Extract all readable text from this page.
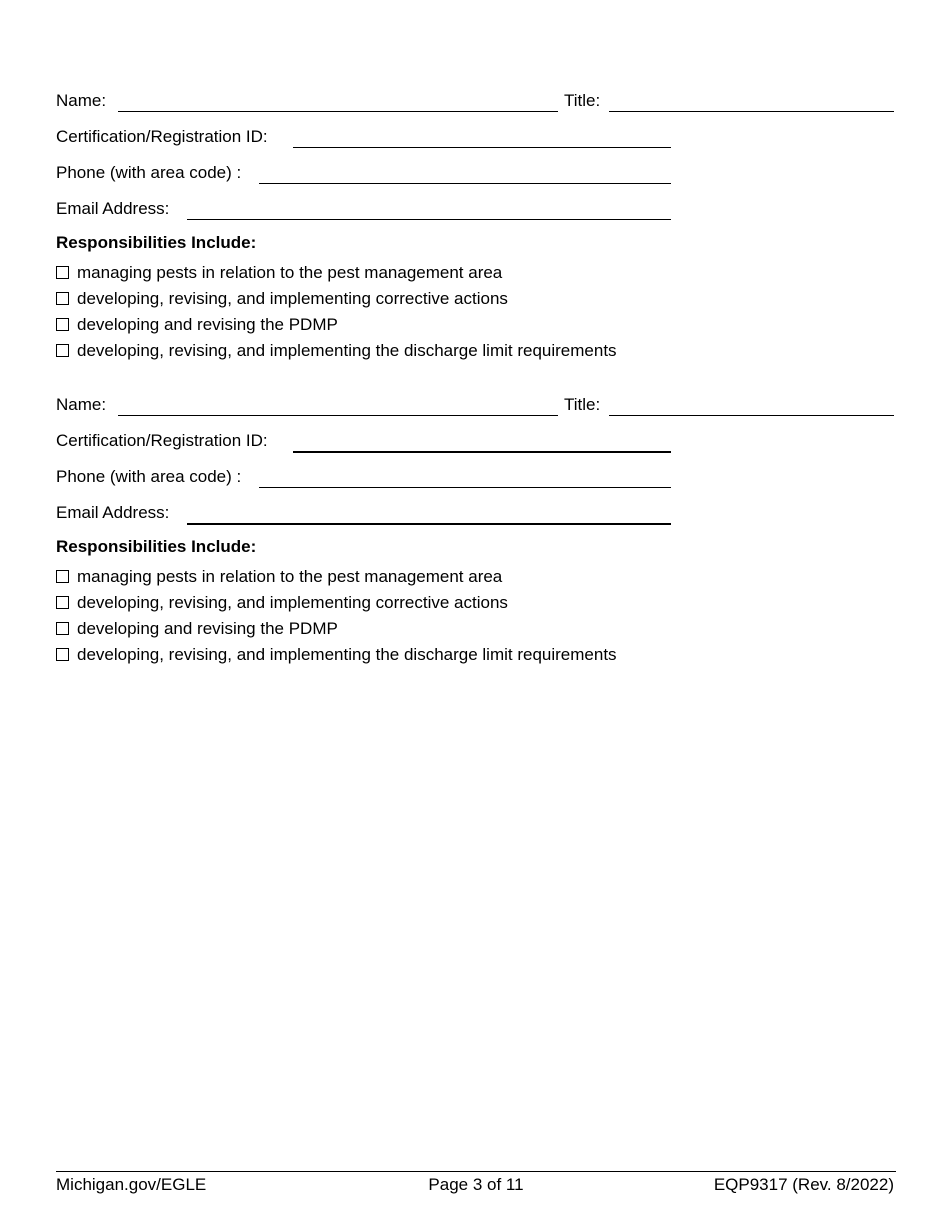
Name:	Title:
Certification/Registration ID:
Phone (with area code) :
Email Address:
Responsibilities Include:
managing pests in relation to the pest management area
developing, revising, and implementing corrective actions
developing and revising the PDMP
developing, revising, and implementing the discharge limit requirements
Name:	Title:
Certification/Registration ID:
Phone (with area code) :
Email Address:
Responsibilities Include:
managing pests in relation to the pest management area
developing, revising, and implementing corrective actions
developing and revising the PDMP
developing, revising, and implementing the discharge limit requirements
Michigan.gov/EGLE	Page 3 of 11	EQP9317 (Rev. 8/2022)
